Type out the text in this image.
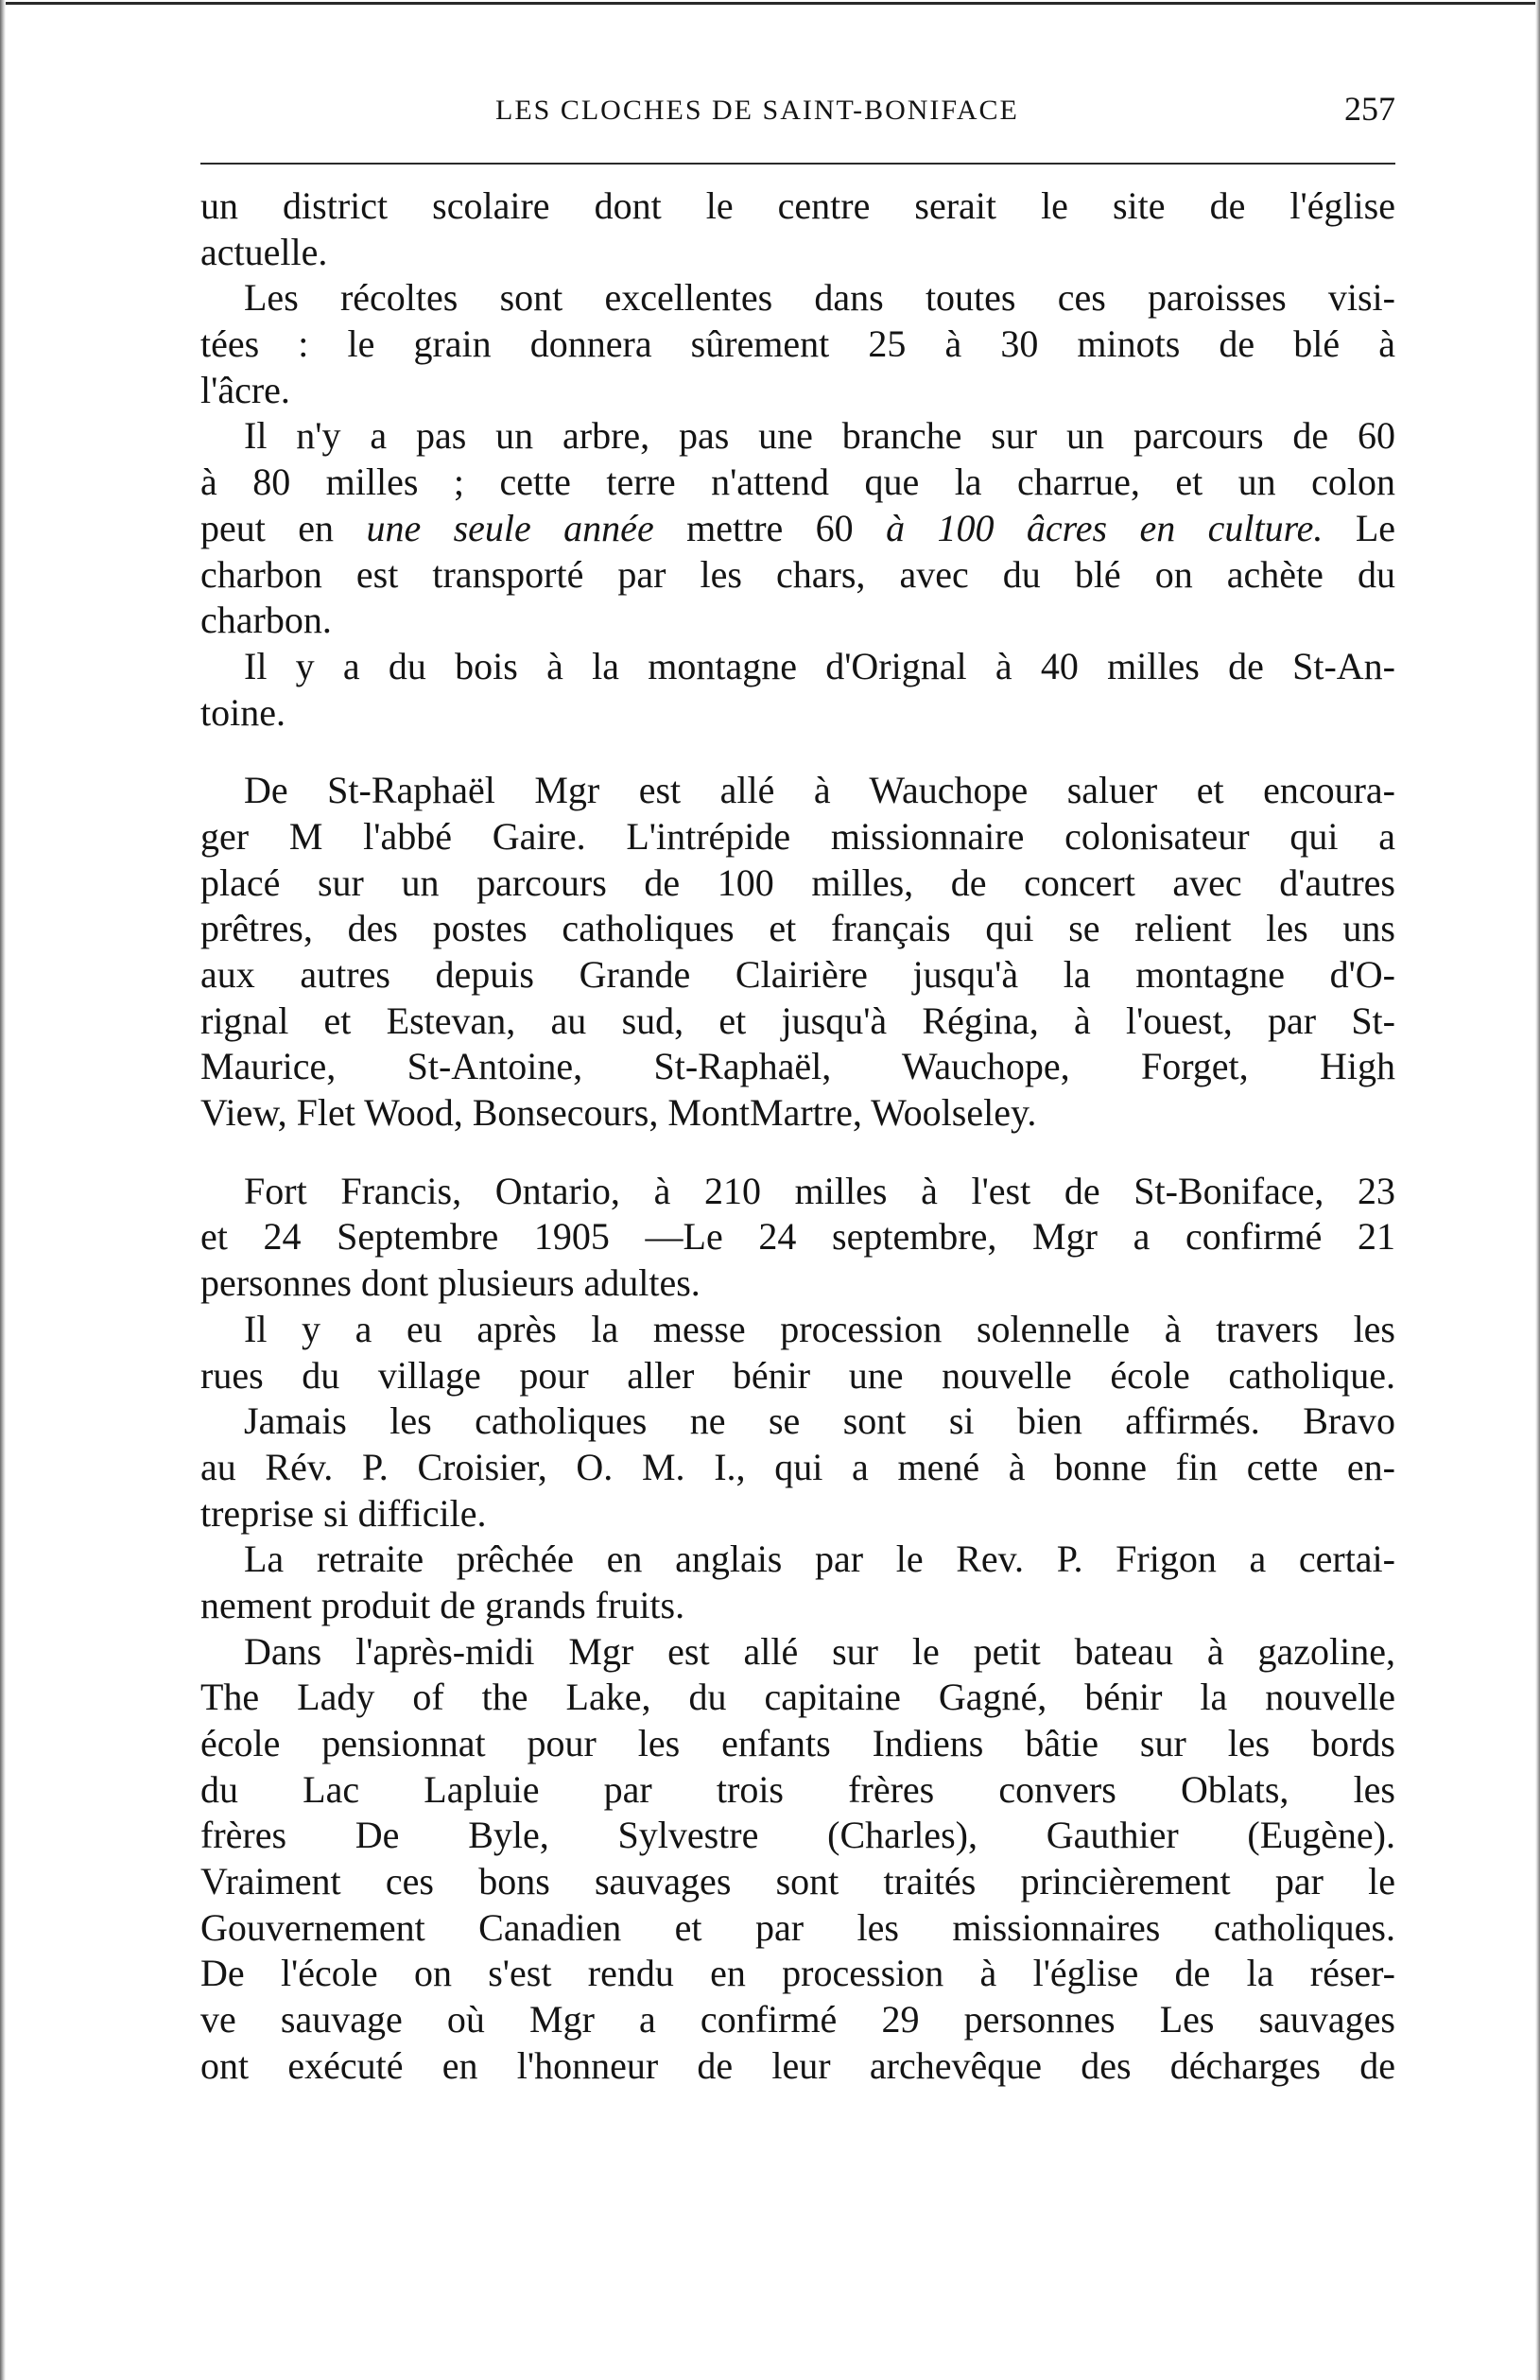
LES CLOCHES DE SAINT-BONIFACE	257
un district scolaire dont le centre serait le site de l'église
actuelle.
Les récoltes sont excellentes dans toutes ces paroisses visi-
tées : le grain donnera sûrement 25 à 30 minots de blé à
l'âcre.
Il n'y a pas un arbre, pas une branche sur un parcours de 60
à 80 milles ; cette terre n'attend que la charrue, et un colon
peut en une seule année mettre 60 à 100 âcres en culture. Le
charbon est transporté par les chars, avec du blé on achète du
charbon.
Il y a du bois à la montagne d'Orignal à 40 milles de St-An-
toine.
De St-Raphaël Mgr est allé à Wauchope saluer et encoura-
ger M l'abbé Gaire. L'intrépide missionnaire colonisateur qui a
placé sur un parcours de 100 milles, de concert avec d'autres
prêtres, des postes catholiques et français qui se relient les uns
aux autres depuis Grande Clairière jusqu'à la montagne d'O-
rignal et Estevan, au sud, et jusqu'à Régina, à l'ouest, par St-
Maurice, St-Antoine, St-Raphaël, Wauchope, Forget, High
View, Flet Wood, Bonsecours, MontMartre, Woolseley.
Fort Francis, Ontario, à 210 milles à l'est de St-Boniface, 23
et 24 Septembre 1905 —Le 24 septembre, Mgr a confirmé 21
personnes dont plusieurs adultes.
Il y a eu après la messe procession solennelle à travers les
rues du village pour aller bénir une nouvelle école catholique.
Jamais les catholiques ne se sont si bien affirmés. Bravo
au Rév. P. Croisier, O. M. I., qui a mené à bonne fin cette en-
treprise si difficile.
La retraite prêchée en anglais par le Rev. P. Frigon a certai-
nement produit de grands fruits.
Dans l'après-midi Mgr est allé sur le petit bateau à gazoline,
The Lady of the Lake, du capitaine Gagné, bénir la nouvelle
école pensionnat pour les enfants Indiens bâtie sur les bords
du Lac Lapluie par trois frères convers Oblats, les
frères De Byle, Sylvestre (Charles), Gauthier (Eugène).
Vraiment ces bons sauvages sont traités princièrement par le
Gouvernement Canadien et par les missionnaires catholiques.
De l'école on s'est rendu en procession à l'église de la réser-
ve sauvage où Mgr a confirmé 29 personnes Les sauvages
ont exécuté en l'honneur de leur archevêque des décharges de
